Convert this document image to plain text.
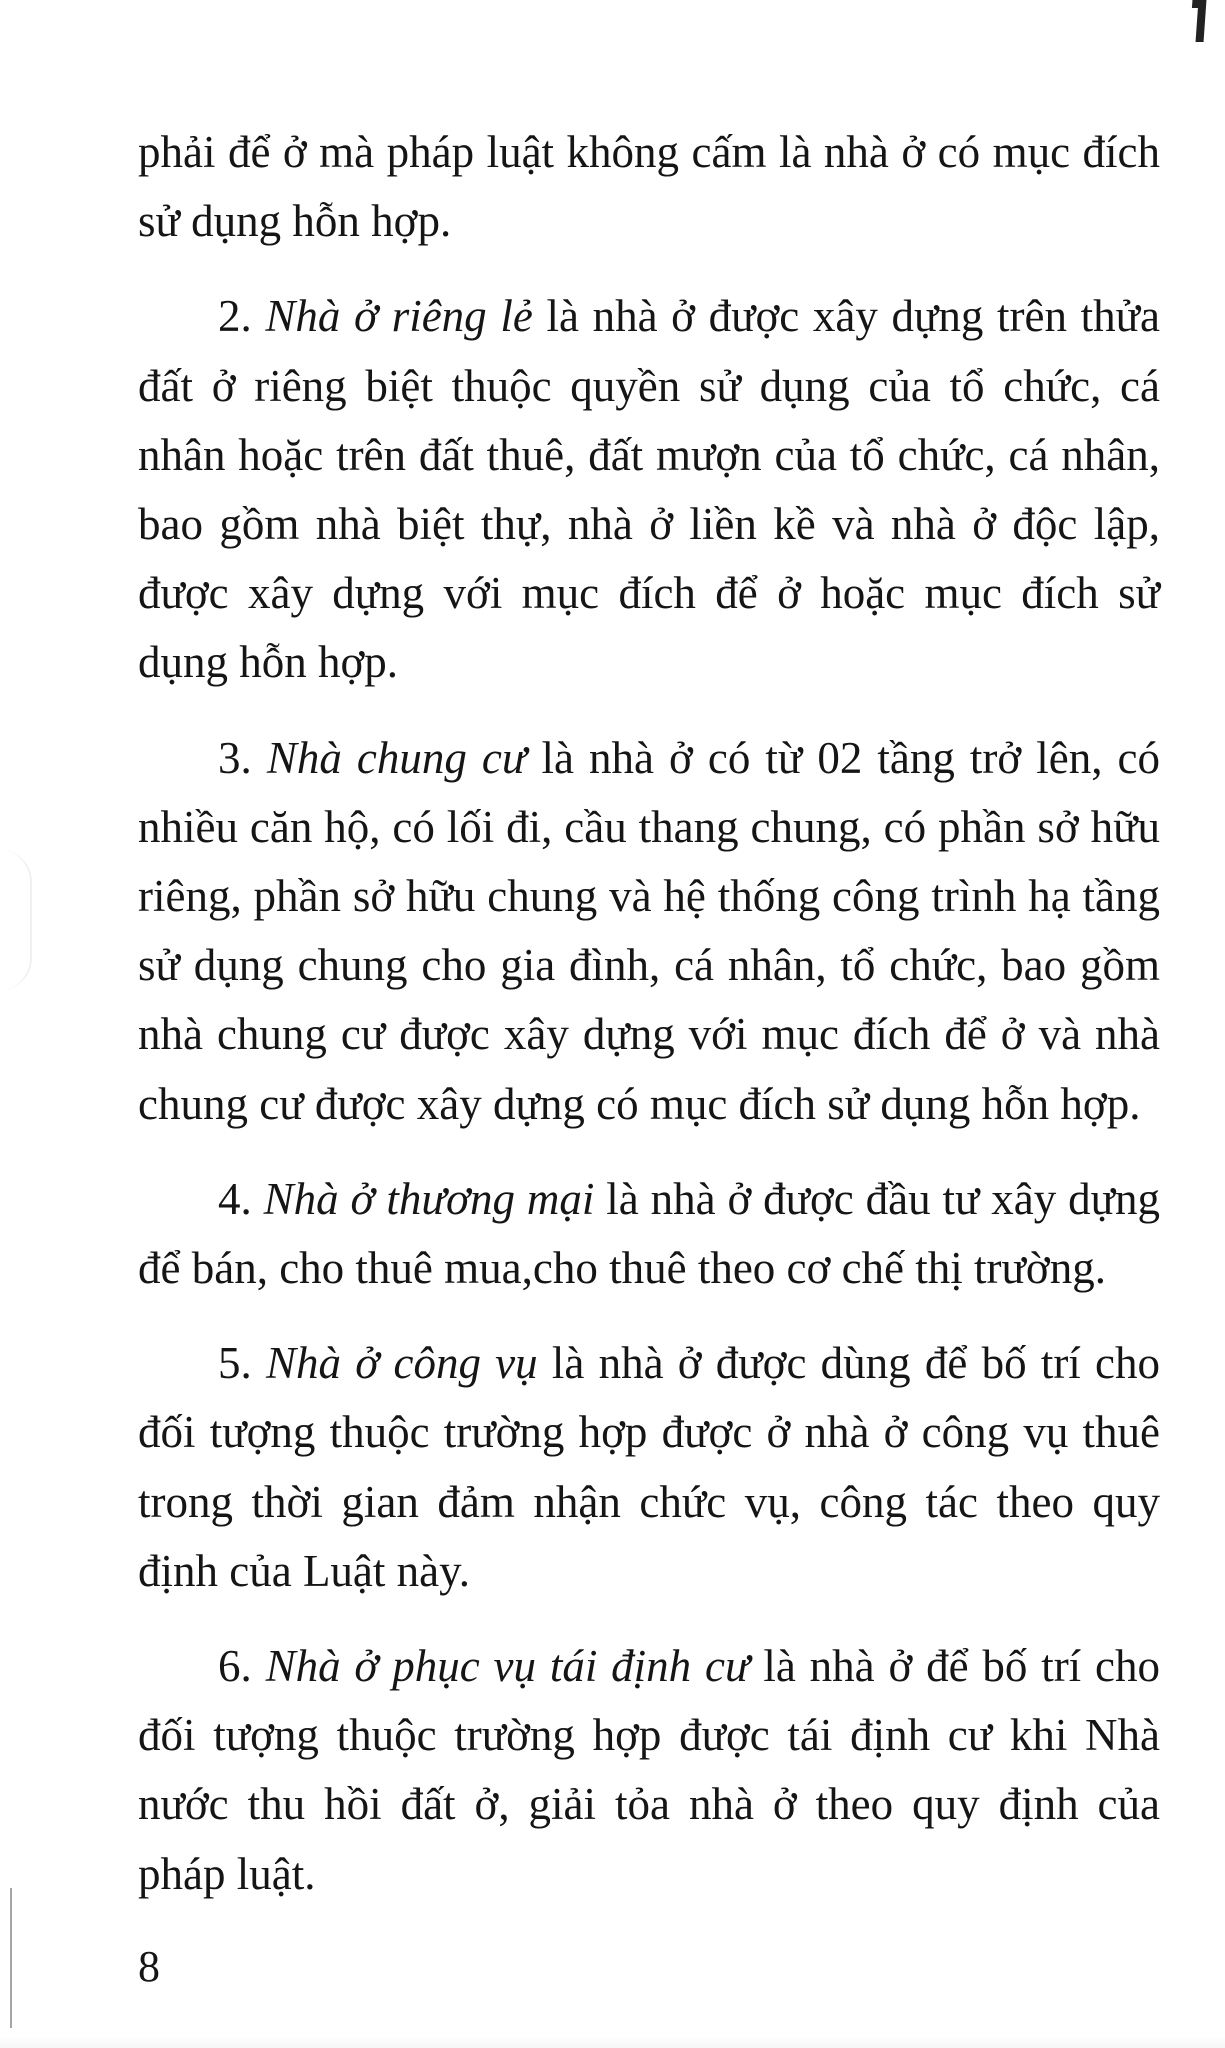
phải để ở mà pháp luật không cấm là nhà ở có mục đích sử dụng hỗn hợp.

2. Nhà ở riêng lẻ là nhà ở được xây dựng trên thửa đất ở riêng biệt thuộc quyền sử dụng của tổ chức, cá nhân hoặc trên đất thuê, đất mượn của tổ chức, cá nhân, bao gồm nhà biệt thự, nhà ở liền kề và nhà ở độc lập, được xây dựng với mục đích để ở hoặc mục đích sử dụng hỗn hợp.

3. Nhà chung cư là nhà ở có từ 02 tầng trở lên, có nhiều căn hộ, có lối đi, cầu thang chung, có phần sở hữu riêng, phần sở hữu chung và hệ thống công trình hạ tầng sử dụng chung cho gia đình, cá nhân, tổ chức, bao gồm nhà chung cư được xây dựng với mục đích để ở và nhà chung cư được xây dựng có mục đích sử dụng hỗn hợp.

4. Nhà ở thương mại là nhà ở được đầu tư xây dựng để bán, cho thuê mua,cho thuê theo cơ chế thị trường.

5. Nhà ở công vụ là nhà ở được dùng để bố trí cho đối tượng thuộc trường hợp được ở nhà ở công vụ thuê trong thời gian đảm nhận chức vụ, công tác theo quy định của Luật này.

6. Nhà ở phục vụ tái định cư là nhà ở để bố trí cho đối tượng thuộc trường hợp được tái định cư khi Nhà nước thu hồi đất ở, giải tỏa nhà ở theo quy định của pháp luật.

8
